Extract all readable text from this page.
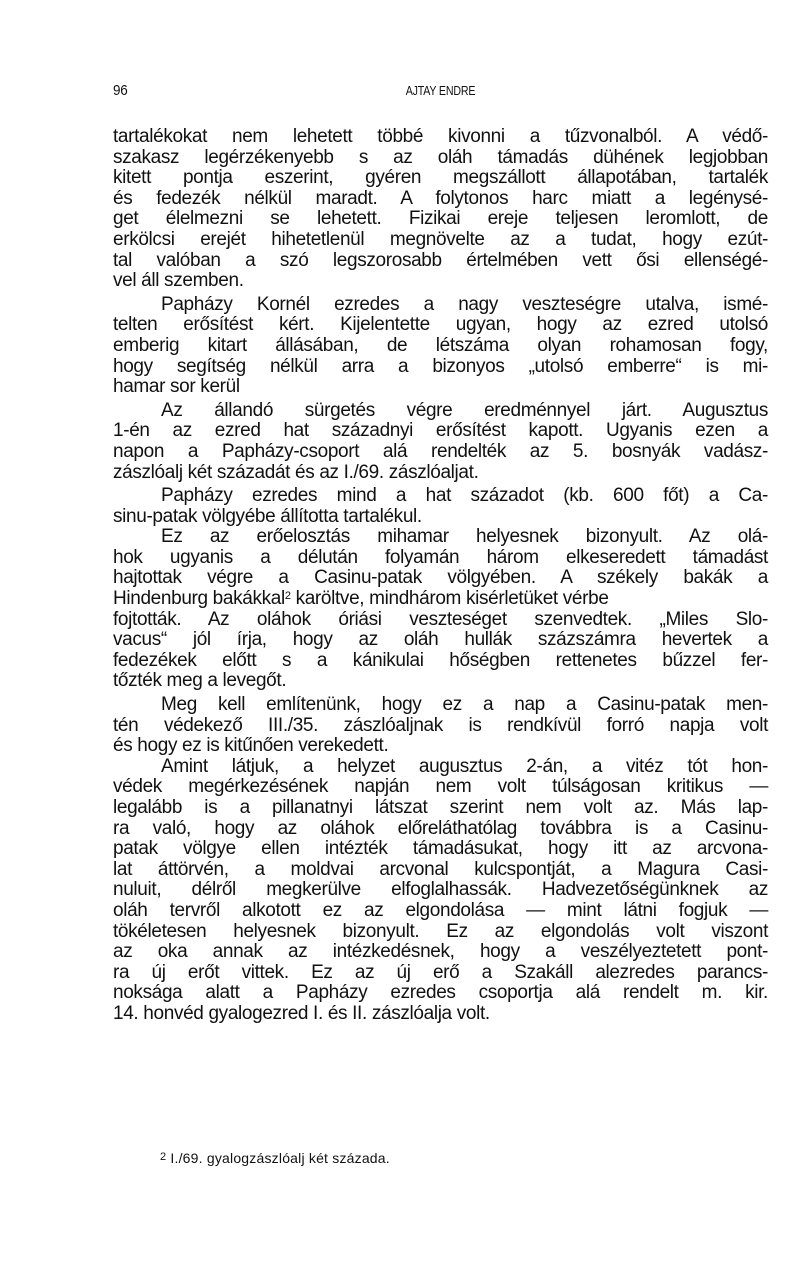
96	AJTAY ENDRE
tartalékokat nem lehetett többé kivonni a tűzvonalból. A védő-
szakasz legérzékenyebb s az oláh támadás dühének legjobban
kitett pontja eszerint, gyéren megszállott állapotában, tartalék
és fedezék nélkül maradt. A folytonos harc miatt a legénysé-
get élelmezni se lehetett. Fizikai ereje teljesen leromlott, de
erkölcsi erejét hihetetlenül megnövelte az a tudat, hogy ezút-
tal valóban a szó legszorosabb értelmében vett ősi ellenségé-
vel áll szemben.
Papházy Kornél ezredes a nagy veszteségre utalva, ismé-
telten erősítést kért. Kijelentette ugyan, hogy az ezred utolsó
emberig kitart állásában, de létszáma olyan rohamosan fogy,
hogy segítség nélkül arra a bizonyos „utolsó emberre“ is mi-
hamar sor kerül
Az állandó sürgetés végre eredménnyel járt. Augusztus
1-én az ezred hat századnyi erősítést kapott. Ugyanis ezen a
napon a Papházy-csoport alá rendelték az 5. bosnyák vadász-
zászlóalj két századát és az I./69. zászlóaljat.
Papházy ezredes mind a hat századot (kb. 600 főt) a Ca-
sinu-patak völgyébe állította tartalékul.
Ez az erőelosztás mihamar helyesnek bizonyult. Az olá-
hok ugyanis a délután folyamán három elkeseredett támadást
hajtottak végre a Casinu-patak völgyében. A székely bakák a
Hindenburg bakákkal$^2$ karöltve, mindhárom kisérletüket vérbe
fojtották. Az oláhok óriási veszteséget szenvedtek. „Miles Slo-
vacus“ jól írja, hogy az oláh hullák százszámra hevertek a
fedezékek előtt s a kánikulai hőségben rettenetes bűzzel fer-
tőzték meg a levegőt.
Meg kell említenünk, hogy ez a nap a Casinu-patak men-
tén védekező III./35. zászlóaljnak is rendkívül forró napja volt
és hogy ez is kitűnően verekedett.
Amint látjuk, a helyzet augusztus 2-án, a vitéz tót hon-
védek megérkezésének napján nem volt túlságosan kritikus —
legalább is a pillanatnyi látszat szerint nem volt az. Más lap-
ra való, hogy az oláhok előreláthatólag továbbra is a Casinu-
patak völgye ellen intézték támadásukat, hogy itt az arcvona-
lat áttörvén, a moldvai arcvonal kulcspontját, a Magura Casi-
nuluit, délről megkerülve elfoglalhassák. Hadvezetőségünknek az
oláh tervről alkotott ez az elgondolása — mint látni fogjuk —
tökéletesen helyesnek bizonyult. Ez az elgondolás volt viszont
az oka annak az intézkedésnek, hogy a veszélyeztetett pont-
ra új erőt vittek. Ez az új erő a Szakáll alezredes parancs-
noksága alatt a Papházy ezredes csoportja alá rendelt m. kir.
14. honvéd gyalogezred I. és II. zászlóalja volt.
$^2$ I./69. gyalogzászlóalj két százada.
